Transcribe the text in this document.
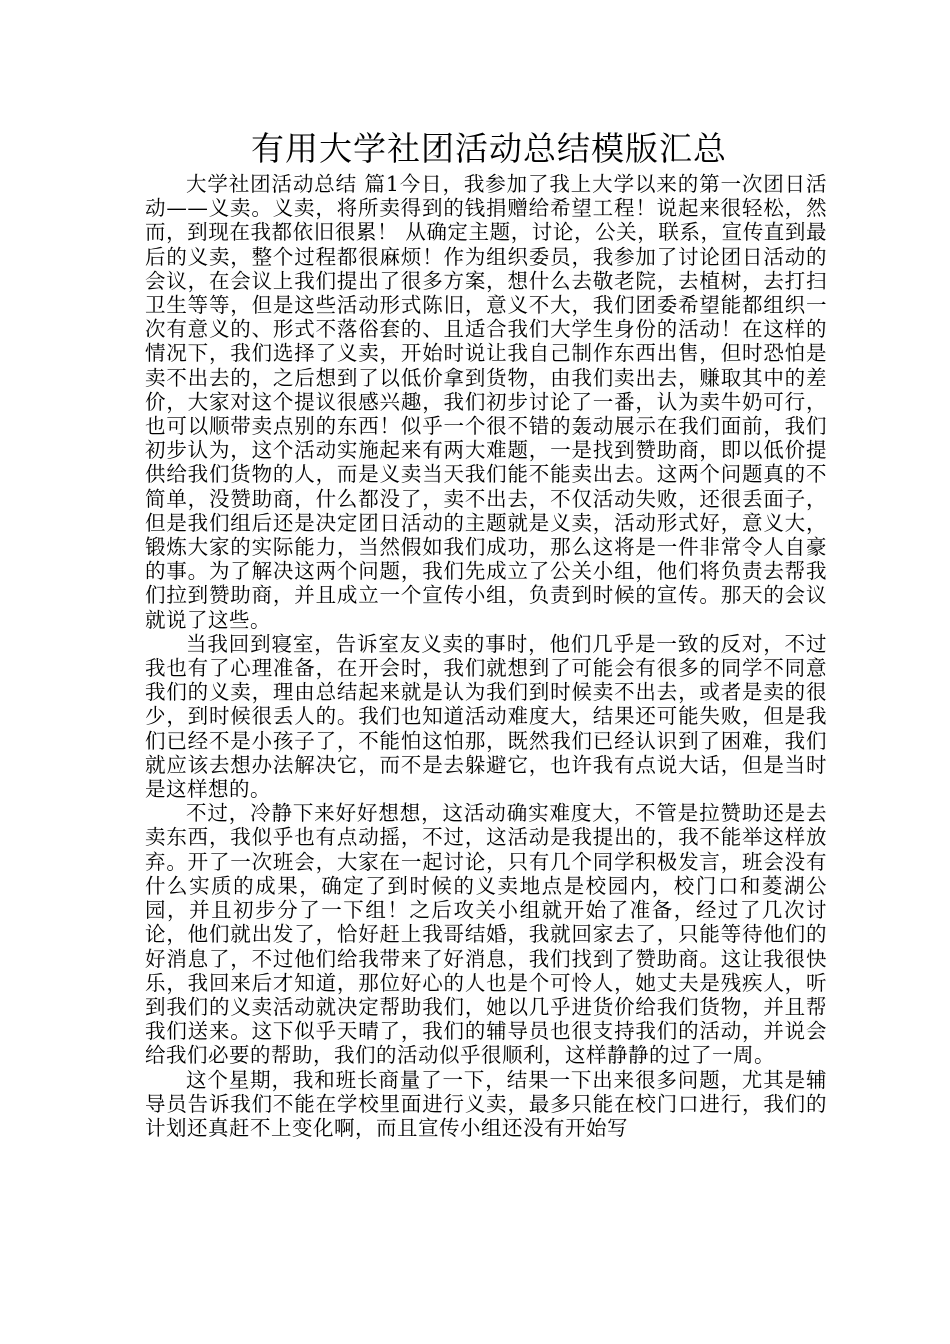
有用大学社团活动总结模版汇总

大学社团活动总结 篇1今日，我参加了我上大学以来的第一次团日活动——义卖。义卖，将所卖得到的钱捐赠给希望工程！说起来很轻松，然而，到现在我都依旧很累！ 从确定主题，讨论，公关，联系，宣传直到最后的义卖，整个过程都很麻烦！作为组织委员，我参加了讨论团日活动的会议，在会议上我们提出了很多方案，想什么去敬老院，去植树，去打扫卫生等等，但是这些活动形式陈旧，意义不大，我们团委希望能都组织一次有意义的、形式不落俗套的、且适合我们大学生身份的活动！在这样的情况下，我们选择了义卖，开始时说让我自己制作东西出售，但时恐怕是卖不出去的，之后想到了以低价拿到货物，由我们卖出去，赚取其中的差价，大家对这个提议很感兴趣，我们初步讨论了一番，认为卖牛奶可行，也可以顺带卖点别的东西！似乎一个很不错的轰动展示在我们面前，我们初步认为，这个活动实施起来有两大难题，一是找到赞助商，即以低价提供给我们货物的人，而是义卖当天我们能不能卖出去。这两个问题真的不简单，没赞助商，什么都没了，卖不出去，不仅活动失败，还很丢面子，但是我们组后还是决定团日活动的主题就是义卖，活动形式好，意义大，锻炼大家的实际能力，当然假如我们成功，那么这将是一件非常令人自豪的事。为了解决这两个问题，我们先成立了公关小组，他们将负责去帮我们拉到赞助商，并且成立一个宣传小组，负责到时候的宣传。那天的会议就说了这些。

当我回到寝室，告诉室友义卖的事时，他们几乎是一致的反对，不过我也有了心理准备，在开会时，我们就想到了可能会有很多的同学不同意我们的义卖，理由总结起来就是认为我们到时候卖不出去，或者是卖的很少，到时候很丢人的。我们也知道活动难度大，结果还可能失败，但是我们已经不是小孩子了，不能怕这怕那，既然我们已经认识到了困难，我们就应该去想办法解决它，而不是去躲避它，也许我有点说大话，但是当时是这样想的。

不过，冷静下来好好想想，这活动确实难度大，不管是拉赞助还是去卖东西，我似乎也有点动摇，不过，这活动是我提出的，我不能举这样放弃。开了一次班会，大家在一起讨论，只有几个同学积极发言，班会没有什么实质的成果，确定了到时候的义卖地点是校园内，校门口和菱湖公园，并且初步分了一下组！之后攻关小组就开始了准备，经过了几次讨论，他们就出发了，恰好赶上我哥结婚，我就回家去了，只能等待他们的好消息了，不过他们给我带来了好消息，我们找到了赞助商。这让我很快乐，我回来后才知道，那位好心的人也是个可怜人，她丈夫是残疾人，听到我们的义卖活动就决定帮助我们，她以几乎进货价给我们货物，并且帮我们送来。这下似乎天晴了，我们的辅导员也很支持我们的活动，并说会给我们必要的帮助，我们的活动似乎很顺利，这样静静的过了一周。

这个星期，我和班长商量了一下，结果一下出来很多问题，尤其是辅导员告诉我们不能在学校里面进行义卖，最多只能在校门口进行，我们的计划还真赶不上变化啊，而且宣传小组还没有开始写
